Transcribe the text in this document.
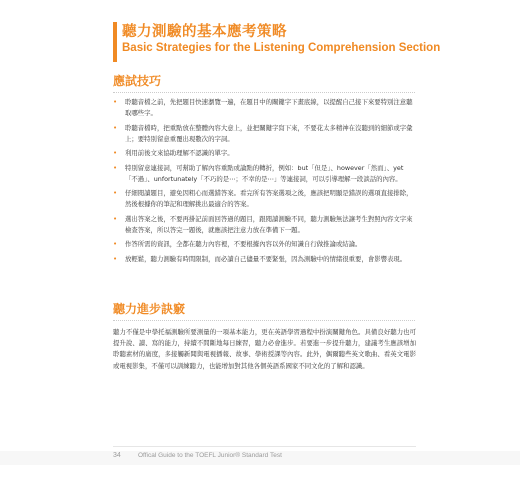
聽力測驗的基本應考策略
Basic Strategies for the Listening Comprehension Section
應試技巧
• 聆聽音檔之前，先把題目快速瀏覽一遍，在題目中的關鍵字下畫底線，以提醒自己接下來要特別注意聽取哪些字。
• 聆聽音檔時，把重點放在整體內容大意上，並把關鍵字寫下來，不要花太多精神在沒聽到的細節或字彙上；要特別留意重覆出現數次的字詞。
• 利用前後文來協助理解不認識的單字。
• 特別留意連接詞，可幫助了解內容重點或論點的轉折，例如：but「但是」、however「然而」、yet「不過」、unfortunately「不巧的是⋯；不幸的是⋯」等連接詞，可以引導理解一段談話的內容。
• 仔細閱讀題目，避免因粗心而選錯答案。看完所有答案選項之後，應該把明顯是錯誤的選項直接排除，然後根據你的筆記和理解挑出最適合的答案。
• 選出答案之後，不要再掛記前面回答過的題目，跟閱讀測驗不同，聽力測驗無法讓考生對照內容文字來檢查答案，所以答完一題後，就應該把注意力放在準備下一題。
• 作答所需的資訊，全都在聽力內容裡，不要根據內容以外的知識自行做推論或結論。
• 放輕鬆，聽力測驗有時間限制，而必讀自己儘量不要緊張，因為測驗中的情緒很重要，會影響表現。
聽力進步訣竅

聽力不僅是中學托福測驗所要測量的一項基本能力，更在英語學習過程中扮演關鍵角色。具備良好聽力也可提升說、讀、寫的能力，持續不間斷地每日練習，聽力必會進步。若要進一步提升聽力，建議考生應該增加聆聽素材的廣度，多接觸新聞與電視播報、故事、學術授課等內容。此外，偶爾聽些英文歌曲、看英文電影或電視影集，不僅可以訓練聽力，也能增加對其他各個英語系國家不同文化的了解和認識。

34	Offical Guide to the TOEFL Junior® Standard Test
